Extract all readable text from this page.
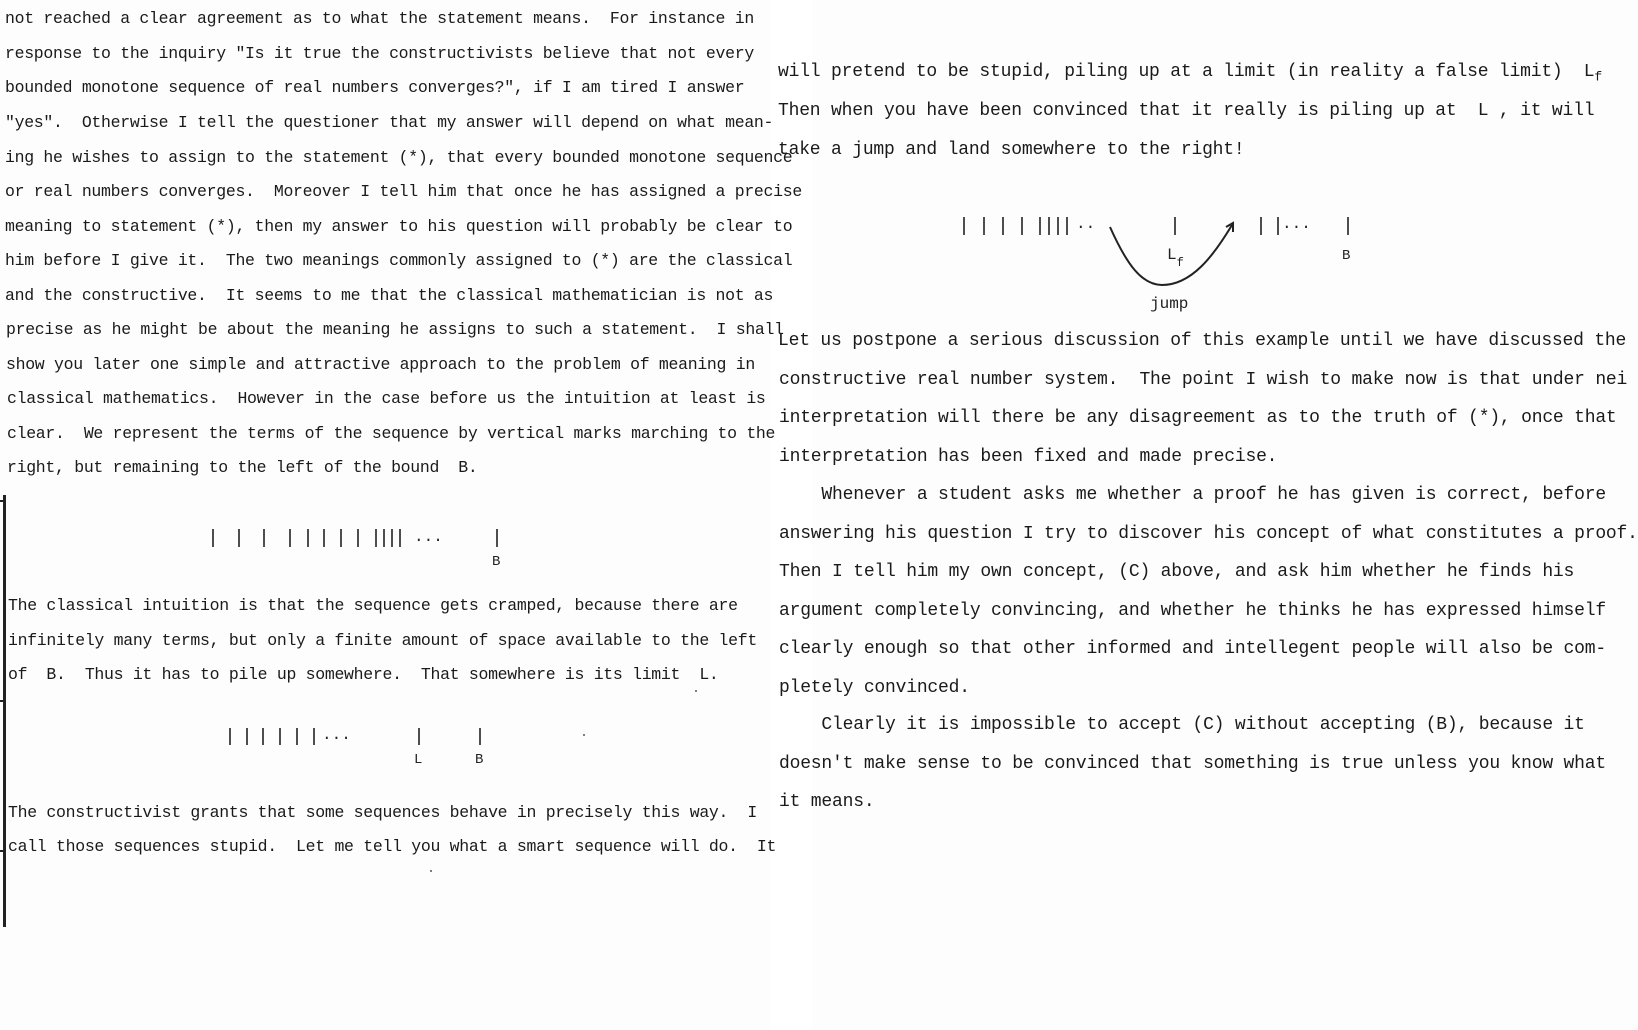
not reached a clear agreement as to what the statement means.  For instance in
response to the inquiry "Is it true the constructivists believe that not every
bounded monotone sequence of real numbers converges?", if I am tired I answer
"yes".  Otherwise I tell the questioner that my answer will depend on what mean-
ing he wishes to assign to the statement (*), that every bounded monotone sequence
or real numbers converges.  Moreover I tell him that once he has assigned a precise
meaning to statement (*), then my answer to his question will probably be clear to
him before I give it.  The two meanings commonly assigned to (*) are the classical
and the constructive.  It seems to me that the classical mathematician is not as
precise as he might be about the meaning he assigns to such a statement.  I shall
show you later one simple and attractive approach to the problem of meaning in
classical mathematics.  However in the case before us the intuition at least is
clear.  We represent the terms of the sequence by vertical marks marching to the
right, but remaining to the left of the bound  B.
···
B
The classical intuition is that the sequence gets cramped, because there are
infinitely many terms, but only a finite amount of space available to the left
of  B.  Thus it has to pile up somewhere.  That somewhere is its limit  L.
···
L	B
The constructivist grants that some sequences behave in precisely this way.  I
call those sequences stupid.  Let me tell you what a smart sequence will do.  It
will pretend to be stupid, piling up at a limit (in reality a false limit)  $L_f$
Then when you have been convinced that it really is piling up at  L , it will
take a jump and land somewhere to the right!
··
$L_f$
jump
···
B
Let us postpone a serious discussion of this example until we have discussed the
constructive real number system.  The point I wish to make now is that under nei
interpretation will there be any disagreement as to the truth of (*), once that
interpretation has been fixed and made precise.
Whenever a student asks me whether a proof he has given is correct, before
answering his question I try to discover his concept of what constitutes a proof.
Then I tell him my own concept, (C) above, and ask him whether he finds his
argument completely convincing, and whether he thinks he has expressed himself
clearly enough so that other informed and intellegent people will also be com-
pletely convinced.
Clearly it is impossible to accept (C) without accepting (B), because it
doesn't make sense to be convinced that something is true unless you know what
it means.
